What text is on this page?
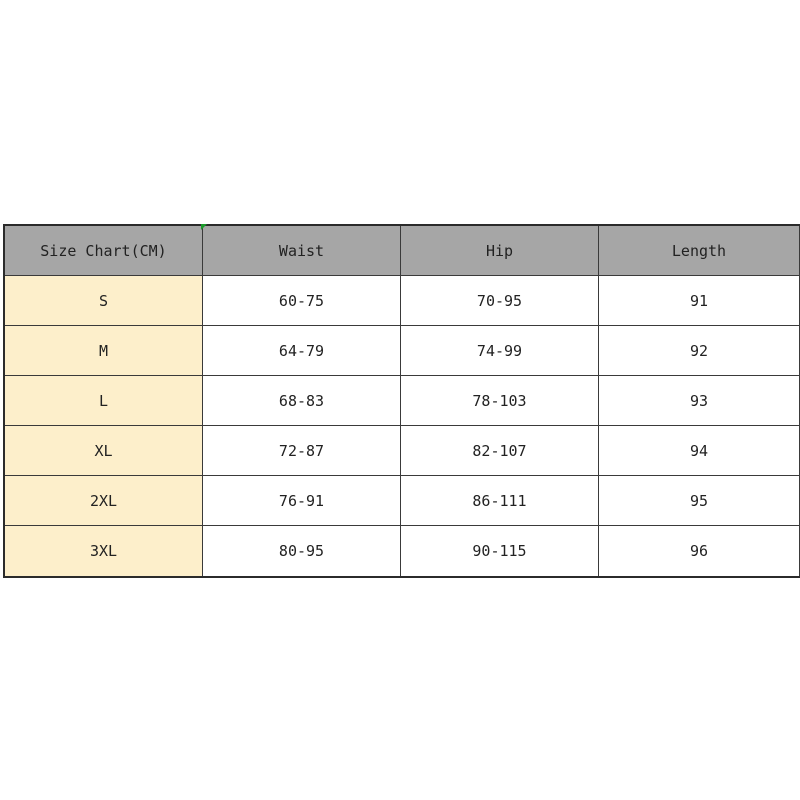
Size Chart(CM)	Waist	Hip	Length
S	60-75	70-95	91
M	64-79	74-99	92
L	68-83	78-103	93
XL	72-87	82-107	94
2XL	76-91	86-111	95
3XL	80-95	90-115	96
